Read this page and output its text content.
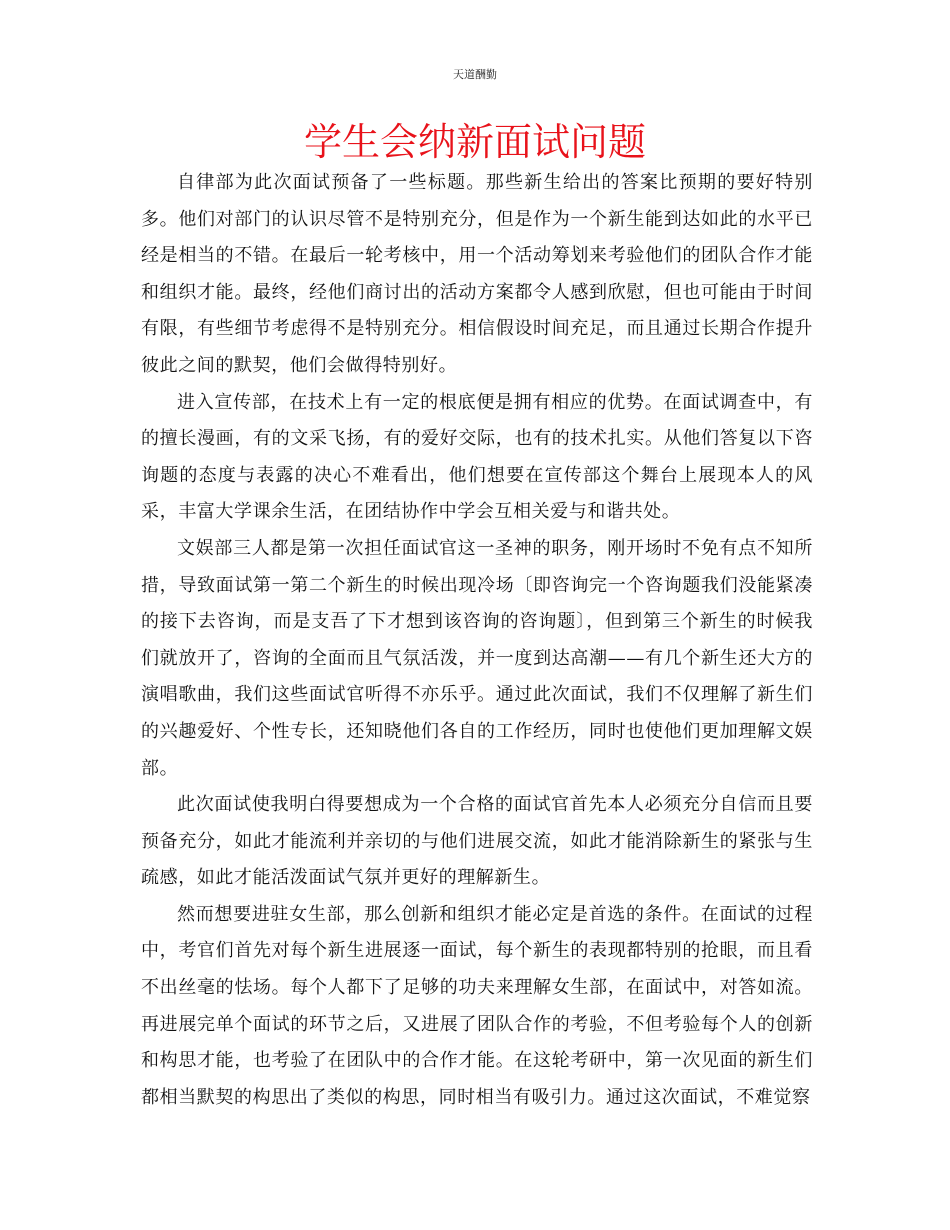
天道酬勤
学生会纳新面试问题

自律部为此次面试预备了一些标题。那些新生给出的答案比预期的要好特别多。他们对部门的认识尽管不是特别充分，但是作为一个新生能到达如此的水平已经是相当的不错。在最后一轮考核中，用一个活动筹划来考验他们的团队合作才能和组织才能。最终，经他们商讨出的活动方案都令人感到欣慰，但也可能由于时间有限，有些细节考虑得不是特别充分。相信假设时间充足，而且通过长期合作提升彼此之间的默契，他们会做得特别好。

进入宣传部，在技术上有一定的根底便是拥有相应的优势。在面试调查中，有的擅长漫画，有的文采飞扬，有的爱好交际，也有的技术扎实。从他们答复以下咨询题的态度与表露的决心不难看出，他们想要在宣传部这个舞台上展现本人的风采，丰富大学课余生活，在团结协作中学会互相关爱与和谐共处。

文娱部三人都是第一次担任面试官这一圣神的职务，刚开场时不免有点不知所措，导致面试第一第二个新生的时候出现冷场〔即咨询完一个咨询题我们没能紧凑的接下去咨询，而是支吾了下才想到该咨询的咨询题〕，但到第三个新生的时候我们就放开了，咨询的全面而且气氛活泼，并一度到达高潮——有几个新生还大方的演唱歌曲，我们这些面试官听得不亦乐乎。通过此次面试，我们不仅理解了新生们的兴趣爱好、个性专长，还知晓他们各自的工作经历，同时也使他们更加理解文娱部。

此次面试使我明白得要想成为一个合格的面试官首先本人必须充分自信而且要预备充分，如此才能流利并亲切的与他们进展交流，如此才能消除新生的紧张与生疏感，如此才能活泼面试气氛并更好的理解新生。

然而想要进驻女生部，那么创新和组织才能必定是首选的条件。在面试的过程中，考官们首先对每个新生进展逐一面试，每个新生的表现都特别的抢眼，而且看不出丝毫的怯场。每个人都下了足够的功夫来理解女生部，在面试中，对答如流。再进展完单个面试的环节之后，又进展了团队合作的考验，不但考验每个人的创新和构思才能，也考验了在团队中的合作才能。在这轮考研中，第一次见面的新生们都相当默契的构思出了类似的构思，同时相当有吸引力。通过这次面试，不难觉察
